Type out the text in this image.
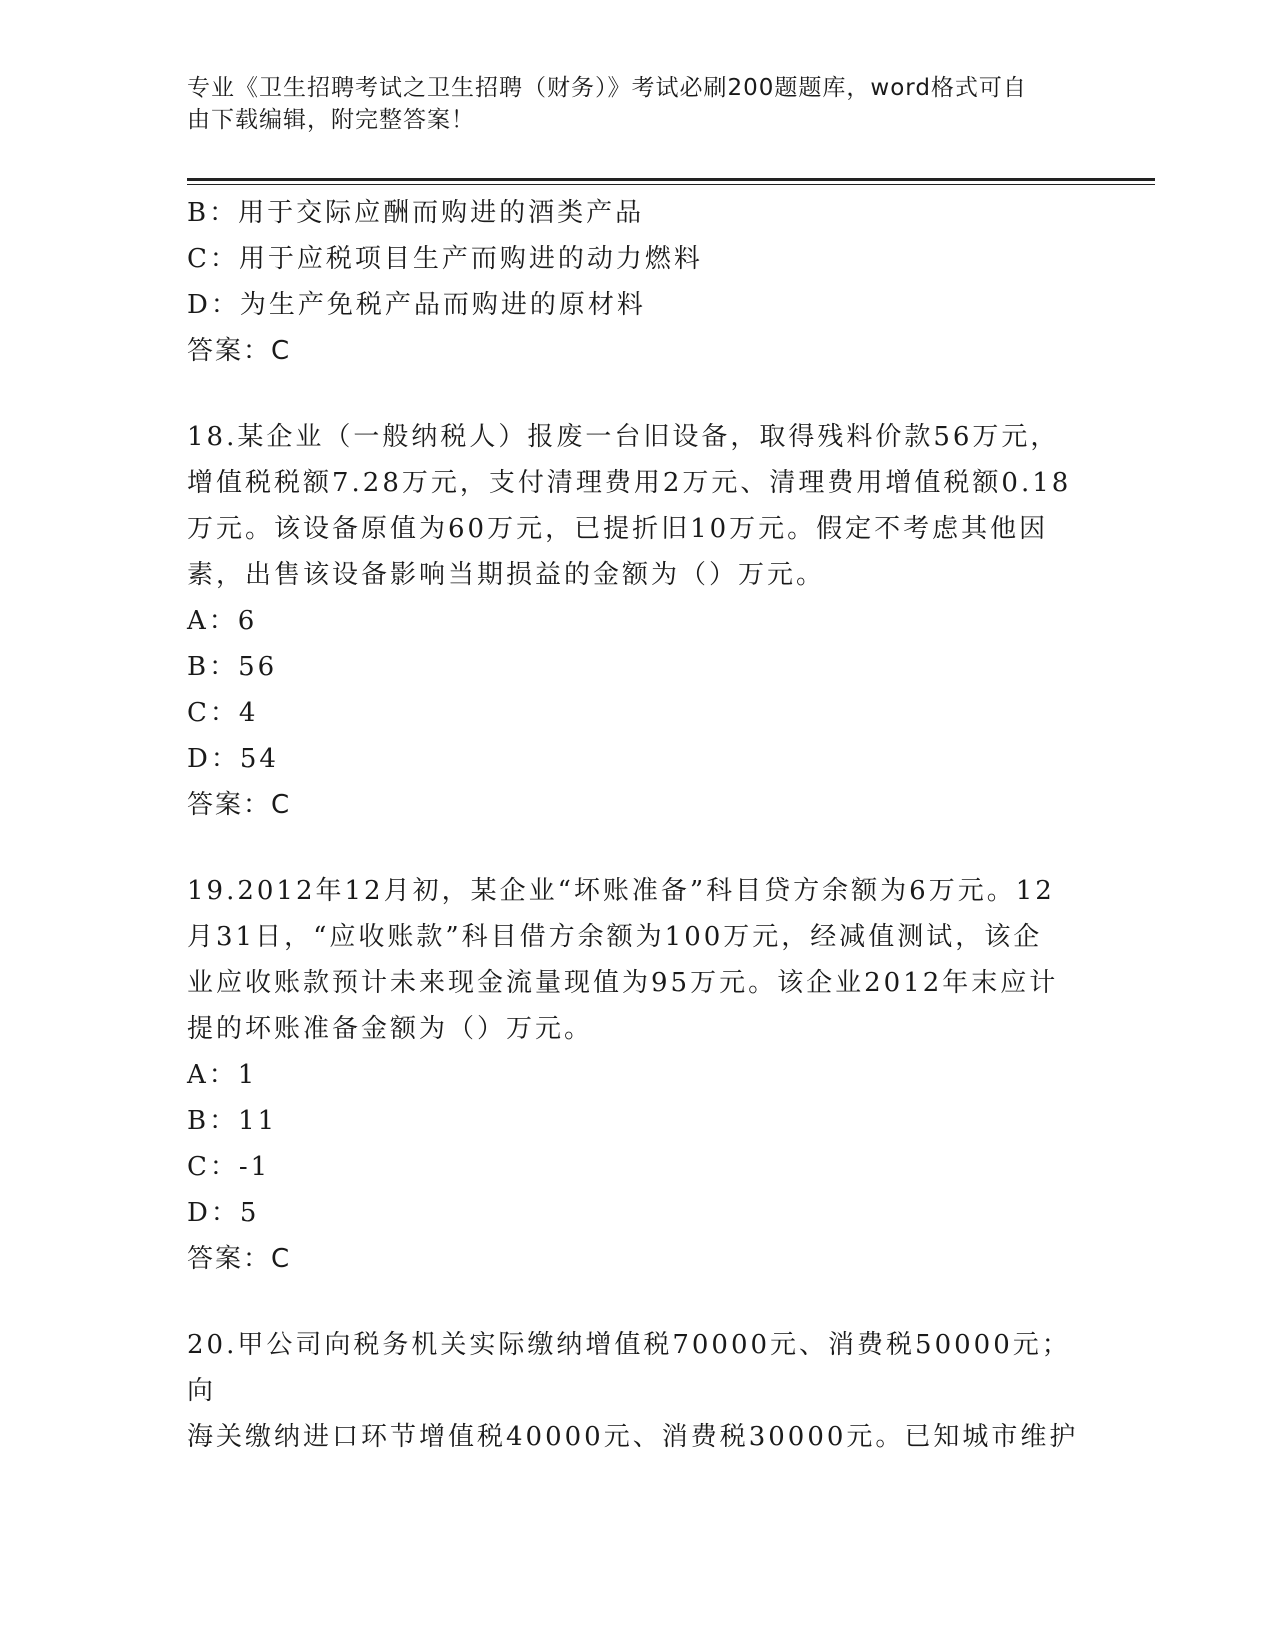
专业《卫生招聘考试之卫生招聘（财务）》考试必刷200题题库，word格式可自
由下载编辑，附完整答案！
B：用于交际应酬而购进的酒类产品
C：用于应税项目生产而购进的动力燃料
D：为生产免税产品而购进的原材料
答案：C
18.某企业（一般纳税人）报废一台旧设备，取得残料价款56万元，
增值税税额7.28万元，支付清理费用2万元、清理费用增值税额0.18
万元。该设备原值为60万元，已提折旧10万元。假定不考虑其他因
素，出售该设备影响当期损益的金额为（）万元。
A：6
B：56
C：4
D：54
答案：C
19.2012年12月初，某企业“坏账准备”科目贷方余额为6万元。12
月31日，“应收账款”科目借方余额为100万元，经减值测试，该企
业应收账款预计未来现金流量现值为95万元。该企业2012年末应计
提的坏账准备金额为（）万元。
A：1
B：11
C：-1
D：5
答案：C
20.甲公司向税务机关实际缴纳增值税70000元、消费税50000元；向
海关缴纳进口环节增值税40000元、消费税30000元。已知城市维护
